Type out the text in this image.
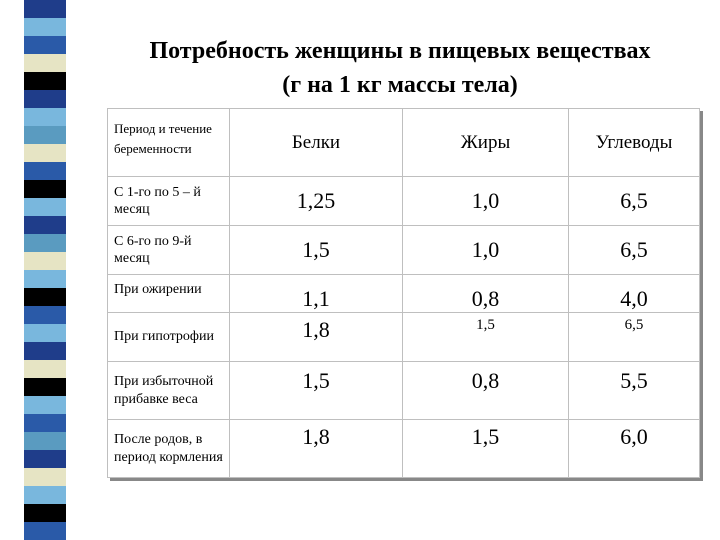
Потребность женщины в пищевых веществах
(г на 1 кг массы тела)
Период и течение беременности	Белки	Жиры	Углеводы
С 1-го по 5 – й месяц	1,25	1,0	6,5
С 6-го по 9-й месяц	1,5	1,0	6,5
При ожирении	1,1	0,8	4,0
При гипотрофии	1,8	1,5	6,5
При избыточной прибавке веса	1,5	0,8	5,5
После родов, в период кормления	1,8	1,5	6,0
